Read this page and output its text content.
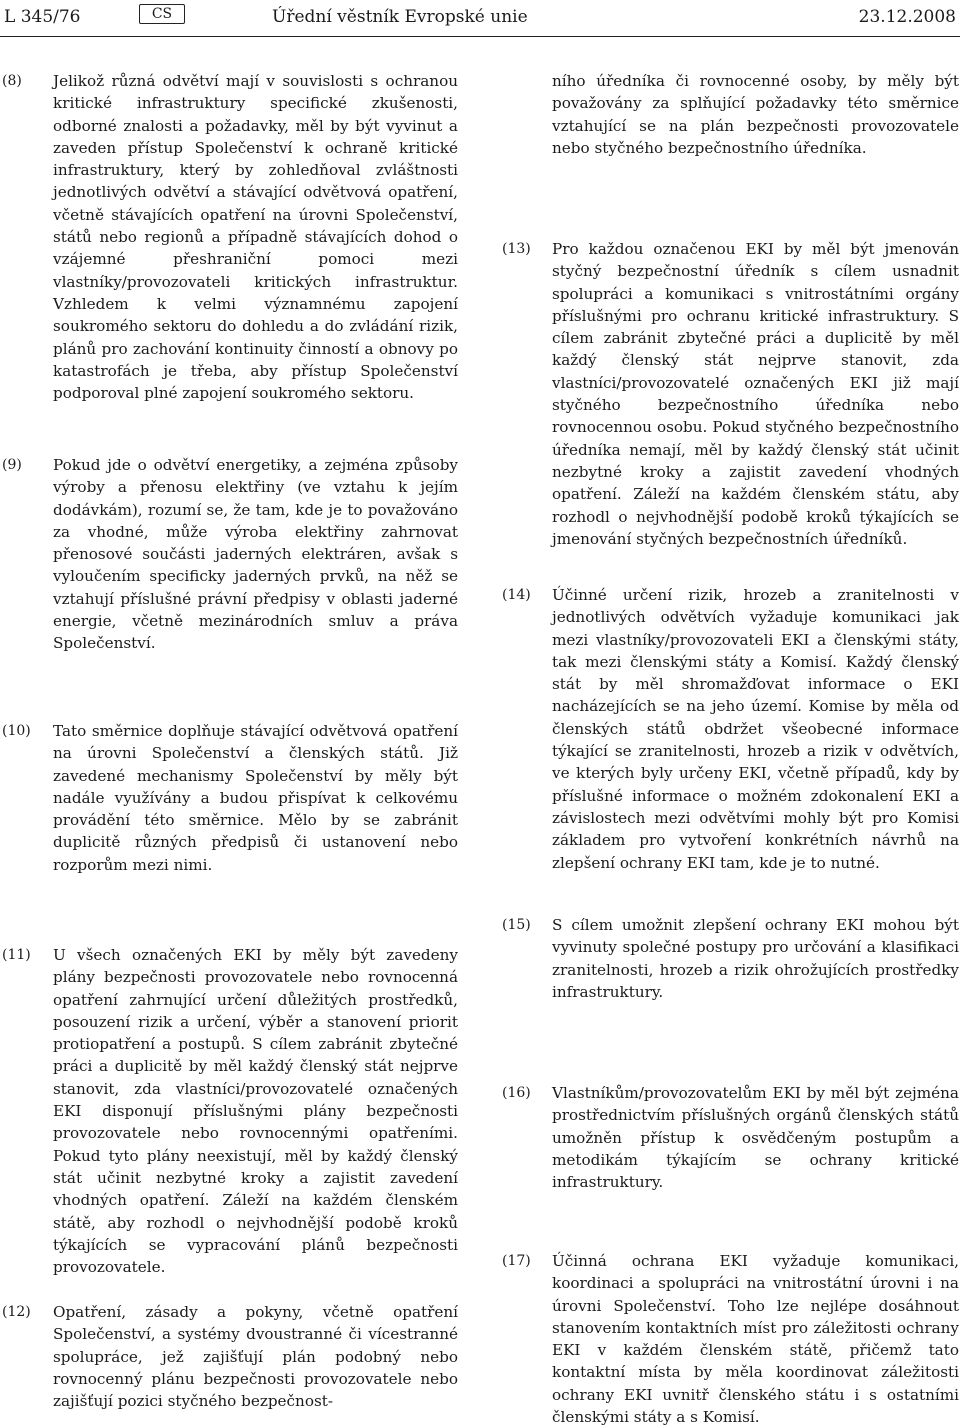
L 345/76	CS	Úřední věstník Evropské unie	23.12.2008
(8) Jelikož různá odvětví mají v souvislosti s ochranou kritické infrastruktury specifické zkušenosti, odborné znalosti a požadavky, měl by být vyvinut a zaveden přístup Společenství k ochraně kritické infrastruktury, který by zohledňoval zvláštnosti jednotlivých odvětví a stávající odvětvová opatření, včetně stávajících opatření na úrovni Společenství, států nebo regionů a případně stávajících dohod o vzájemné přeshraniční pomoci mezi vlastníky/provozovateli kritických infrastruktur. Vzhledem k velmi významnému zapojení soukromého sektoru do dohledu a do zvládání rizik, plánů pro zachování kontinuity činností a obnovy po katastrofách je třeba, aby přístup Společenství podporoval plné zapojení soukromého sektoru.
(9) Pokud jde o odvětví energetiky, a zejména způsoby výroby a přenosu elektřiny (ve vztahu k jejím dodávkám), rozumí se, že tam, kde je to považováno za vhodné, může výroba elektřiny zahrnovat přenosové součásti jaderných elektráren, avšak s vyloučením specificky jaderných prvků, na něž se vztahují příslušné právní předpisy v oblasti jaderné energie, včetně mezinárodních smluv a práva Společenství.
(10) Tato směrnice doplňuje stávající odvětvová opatření na úrovni Společenství a členských států. Již zavedené mechanismy Společenství by měly být nadále využívány a budou přispívat k celkovému provádění této směrnice. Mělo by se zabránit duplicitě různých předpisů či ustanovení nebo rozporům mezi nimi.
(11) U všech označených EKI by měly být zavedeny plány bezpečnosti provozovatele nebo rovnocenná opatření zahrnující určení důležitých prostředků, posouzení rizik a určení, výběr a stanovení priorit protiopatření a postupů. S cílem zabránit zbytečné práci a duplicitě by měl každý členský stát nejprve stanovit, zda vlastníci/provozovatelé označených EKI disponují příslušnými plány bezpečnosti provozovatele nebo rovnocennými opatřeními. Pokud tyto plány neexistují, měl by každý členský stát učinit nezbytné kroky a zajistit zavedení vhodných opatření. Záleží na každém členském státě, aby rozhodl o nejvhodnější podobě kroků týkajících se vypracování plánů bezpečnosti provozovatele.
(12) Opatření, zásady a pokyny, včetně opatření Společenství, a systémy dvoustranné či vícestranné spolupráce, jež zajišťují plán podobný nebo rovnocenný plánu bezpečnosti provozovatele nebo zajišťují pozici styčného bezpečnost-
ního úředníka či rovnocenné osoby, by měly být považovány za splňující požadavky této směrnice vztahující se na plán bezpečnosti provozovatele nebo styčného bezpečnostního úředníka.
(13) Pro každou označenou EKI by měl být jmenován styčný bezpečnostní úředník s cílem usnadnit spolupráci a komunikaci s vnitrostátními orgány příslušnými pro ochranu kritické infrastruktury. S cílem zabránit zbytečné práci a duplicitě by měl každý členský stát nejprve stanovit, zda vlastníci/provozovatelé označených EKI již mají styčného bezpečnostního úředníka nebo rovnocennou osobu. Pokud styčného bezpečnostního úředníka nemají, měl by každý členský stát učinit nezbytné kroky a zajistit zavedení vhodných opatření. Záleží na každém členském státu, aby rozhodl o nejvhodnější podobě kroků týkajících se jmenování styčných bezpečnostních úředníků.
(14) Účinné určení rizik, hrozeb a zranitelnosti v jednotlivých odvětvích vyžaduje komunikaci jak mezi vlastníky/provozovateli EKI a členskými státy, tak mezi členskými státy a Komisí. Každý členský stát by měl shromažďovat informace o EKI nacházejících se na jeho území. Komise by měla od členských států obdržet všeobecné informace týkající se zranitelnosti, hrozeb a rizik v odvětvích, ve kterých byly určeny EKI, včetně případů, kdy by příslušné informace o možném zdokonalení EKI a závislostech mezi odvětvími mohly být pro Komisi základem pro vytvoření konkrétních návrhů na zlepšení ochrany EKI tam, kde je to nutné.
(15) S cílem umožnit zlepšení ochrany EKI mohou být vyvinuty společné postupy pro určování a klasifikaci zranitelnosti, hrozeb a rizik ohrožujících prostředky infrastruktury.
(16) Vlastníkům/provozovatelům EKI by měl být zejména prostřednictvím příslušných orgánů členských států umožněn přístup k osvědčeným postupům a metodikám týkajícím se ochrany kritické infrastruktury.
(17) Účinná ochrana EKI vyžaduje komunikaci, koordinaci a spolupráci na vnitrostátní úrovni i na úrovni Společenství. Toho lze nejlépe dosáhnout stanovením kontaktních míst pro záležitosti ochrany EKI v každém členském státě, přičemž tato kontaktní místa by měla koordinovat záležitosti ochrany EKI uvnitř členského státu i s ostatními členskými státy a s Komisí.
